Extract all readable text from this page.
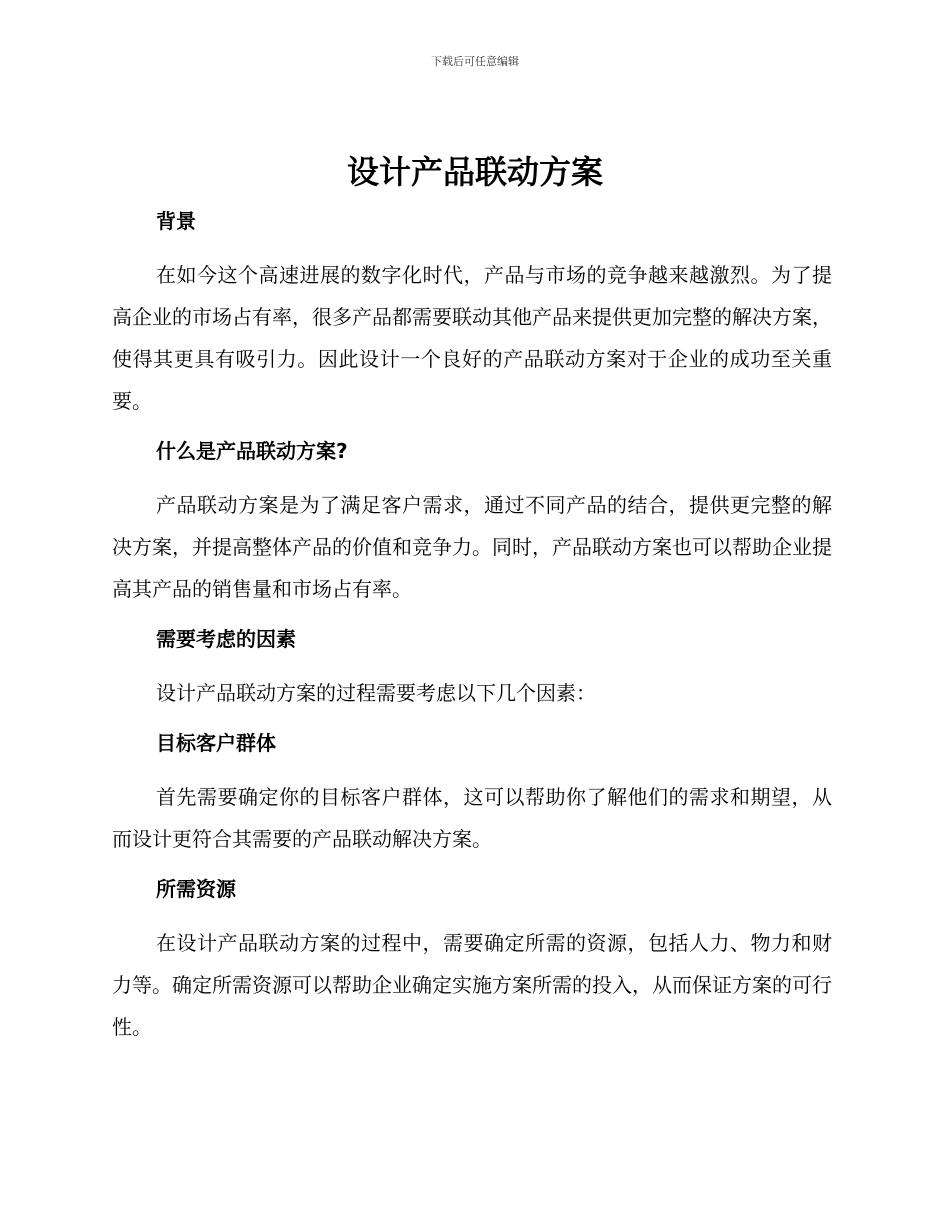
下载后可任意编辑
设计产品联动方案
背景

在如今这个高速进展的数字化时代，产品与市场的竞争越来越激烈。为了提高企业的市场占有率，很多产品都需要联动其他产品来提供更加完整的解决方案，使得其更具有吸引力。因此设计一个良好的产品联动方案对于企业的成功至关重要。

什么是产品联动方案?

产品联动方案是为了满足客户需求，通过不同产品的结合，提供更完整的解决方案，并提高整体产品的价值和竞争力。同时，产品联动方案也可以帮助企业提高其产品的销售量和市场占有率。

需要考虑的因素

设计产品联动方案的过程需要考虑以下几个因素：

目标客户群体

首先需要确定你的目标客户群体，这可以帮助你了解他们的需求和期望，从而设计更符合其需要的产品联动解决方案。

所需资源

在设计产品联动方案的过程中，需要确定所需的资源，包括人力、物力和财力等。确定所需资源可以帮助企业确定实施方案所需的投入，从而保证方案的可行性。
